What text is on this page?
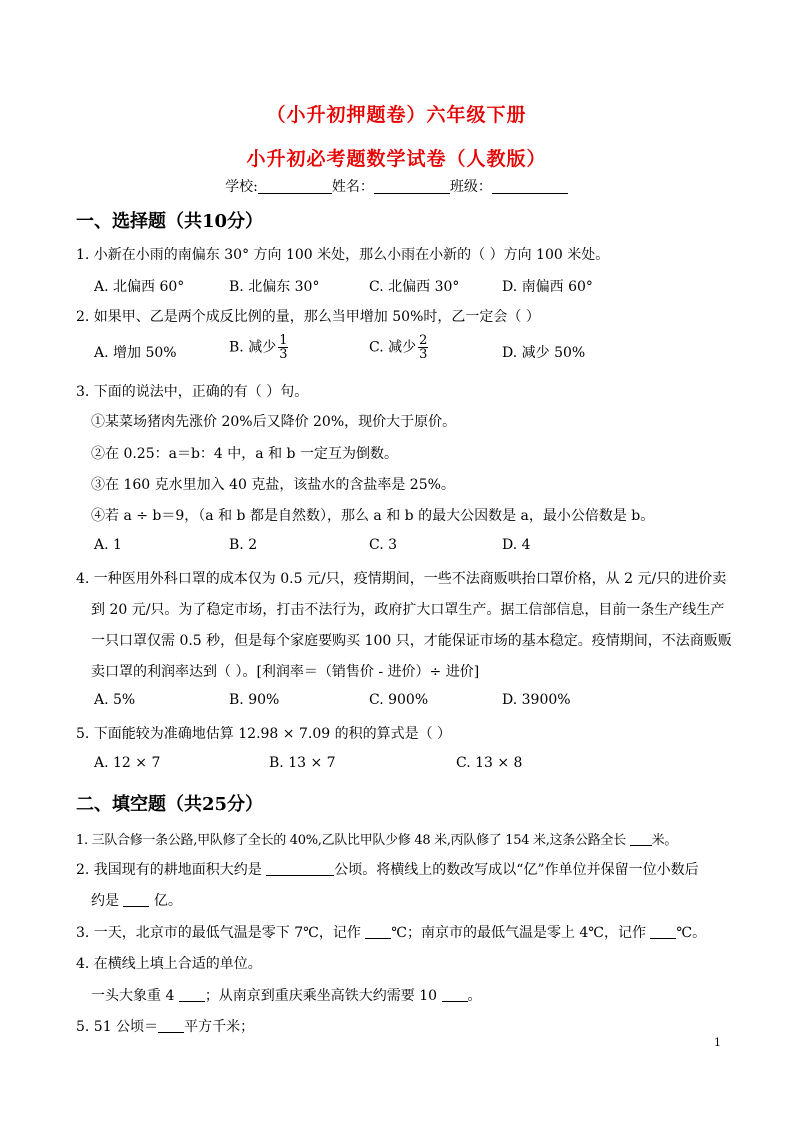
（小升初押题卷）六年级下册
小升初必考题数学试卷（人教版）
学校:	姓名：	班级：
一、选择题（共10分）
1. 小新在小雨的南偏东 30° 方向 100 米处，那么小雨在小新的（ ）方向 100 米处。
A. 北偏西 60°	B. 北偏东 30°	C. 北偏西 30°	D. 南偏西 60°
2. 如果甲、乙是两个成反比例的量，那么当甲增加 50%时，乙一定会（ ）
A. 增加 50%	B. 减少 $\frac{1}{3}$	C. 减少 $\frac{2}{3}$	D. 减少 50%
3. 下面的说法中，正确的有（ ）句。
①某菜场猪肉先涨价 20%后又降价 20%，现价大于原价。
②在 0.25：a＝b：4 中，a 和 b 一定互为倒数。
③在 160 克水里加入 40 克盐，该盐水的含盐率是 25%。
④若 a ÷ b＝9，（a 和 b 都是自然数），那么 a 和 b 的最大公因数是 a，最小公倍数是 b。
A. 1	B. 2	C. 3	D. 4
4. 一种医用外科口罩的成本仅为 0.5 元/只，疫情期间，一些不法商贩哄抬口罩价格，从 2 元/只的进价卖
到 20 元/只。为了稳定市场，打击不法行为，政府扩大口罩生产。据工信部信息，目前一条生产线生产
一只口罩仅需 0.5 秒，但是每个家庭要购买 100 只，才能保证市场的基本稳定。疫情期间，不法商贩贩
卖口罩的利润率达到（ ）。[利润率＝（销售价 - 进价）÷ 进价]
A. 5%	B. 90%	C. 900%	D. 3900%
5. 下面能较为准确地估算 12.98 × 7.09 的积的算式是（ ）
A. 12 × 7	B. 13 × 7	C. 13 × 8
二、填空题（共25分）
1. 三队合修一条公路,甲队修了全长的 40%,乙队比甲队少修 48 米,丙队修了 154 米,这条公路全长 米。
2. 我国现有的耕地面积大约是	公顷。将横线上的数改写成以“亿”作单位并保留一位小数后
约是  亿。
3. 一天，北京市的最低气温是零下 7℃，记作 ℃；南京市的最低气温是零上 4℃，记作 ℃。
4. 在横线上填上合适的单位。
一头大象重 4 ；从南京到重庆乘坐高铁大约需要 10 。
5. 51 公顷＝ 平方千米；
1
